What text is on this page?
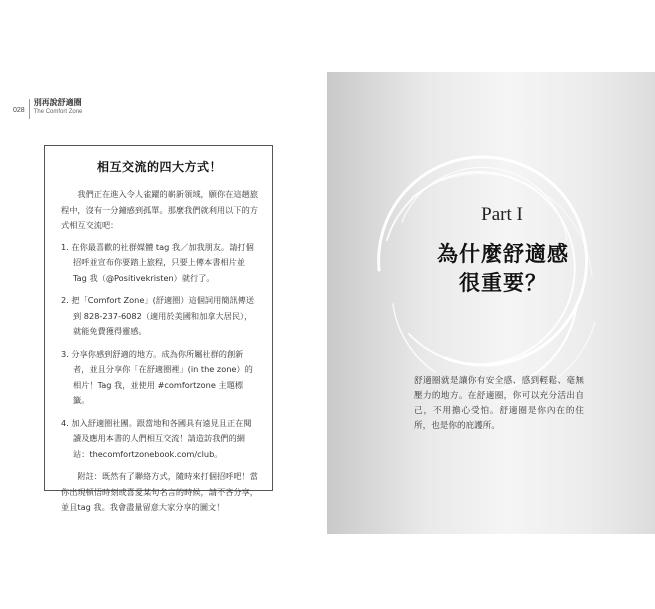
028
別再說舒適圈
The Comfort Zone
相互交流的四大方式！

我們正在進入令人雀躍的嶄新領域，願你在這趟旅程中，沒有一分鐘感到孤單。那麼我們就利用以下的方式相互交流吧：

1. 在你最喜歡的社群媒體 tag 我／加我朋友。請打個招呼並宣布你要踏上旅程，只要上傳本書相片並Tag 我（@Positivekristen）就行了。

2. 把「Comfort Zone」(舒適圈）這個詞用簡訊傳送到 828-237-6082（適用於美國和加拿大居民），就能免費獲得靈感。

3. 分享你感到舒適的地方。成為你所屬社群的創新者，並且分享你「在舒適圈裡」(in the zone）的相片！Tag 我，並使用 #comfortzone 主題標籤。

4. 加入舒適圈社團。跟當地和各國具有遠見且正在閱讀及應用本書的人們相互交流！請造訪我們的網站：thecomfortzonebook.com/club。

附註：既然有了聯絡方式，隨時來打個招呼吧！當你出現頓悟時刻或喜愛某句名言的時候，請不吝分享，並且tag 我。我會盡量留意大家分享的圖文！

Part I
為什麼舒適感
很重要？
舒適圈就是讓你有安全感、感到輕鬆、毫無壓力的地方。在舒適圈，你可以充分活出自己，不用擔心受怕。舒適圈是你內在的住所，也是你的庇護所。
